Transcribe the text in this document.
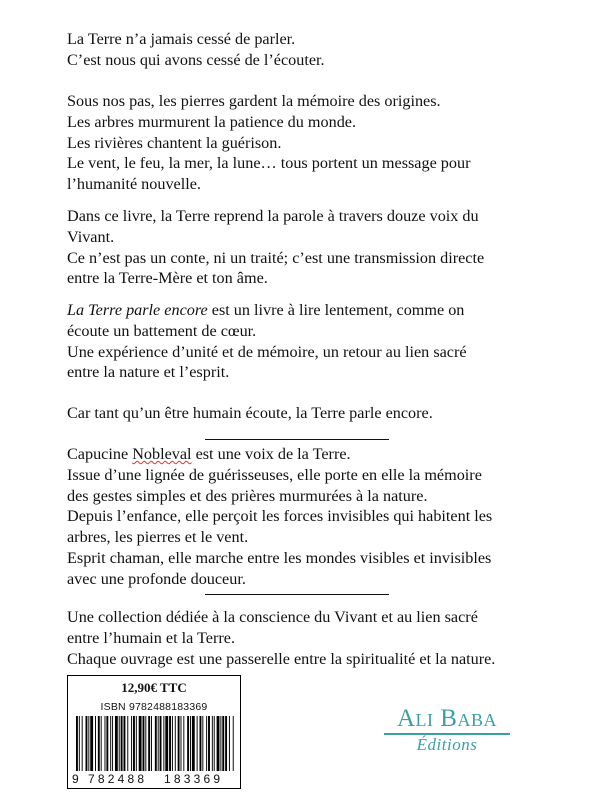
La Terre n’a jamais cessé de parler.
C’est nous qui avons cessé de l’écouter.
Sous nos pas, les pierres gardent la mémoire des origines.
Les arbres murmurent la patience du monde.
Les rivières chantent la guérison.
Le vent, le feu, la mer, la lune… tous portent un message pour
l’humanité nouvelle.
Dans ce livre, la Terre reprend la parole à travers douze voix du
Vivant.
Ce n’est pas un conte, ni un traité; c’est une transmission directe
entre la Terre-Mère et ton âme.
La Terre parle encore est un livre à lire lentement, comme on
écoute un battement de cœur.
Une expérience d’unité et de mémoire, un retour au lien sacré
entre la nature et l’esprit.
Car tant qu’un être humain écoute, la Terre parle encore.
Capucine Nobleval est une voix de la Terre.
Issue d’une lignée de guérisseuses, elle porte en elle la mémoire
des gestes simples et des prières murmurées à la nature.
Depuis l’enfance, elle perçoit les forces invisibles qui habitent les
arbres, les pierres et le vent.
Esprit chaman, elle marche entre les mondes visibles et invisibles
avec une profonde douceur.
Une collection dédiée à la conscience du Vivant et au lien sacré
entre l’humain et la Terre.
Chaque ouvrage est une passerelle entre la spiritualité et la nature.
12,90€ TTC
ISBN 9782488183369
9 782488 183369
ALI BABA
Éditions
